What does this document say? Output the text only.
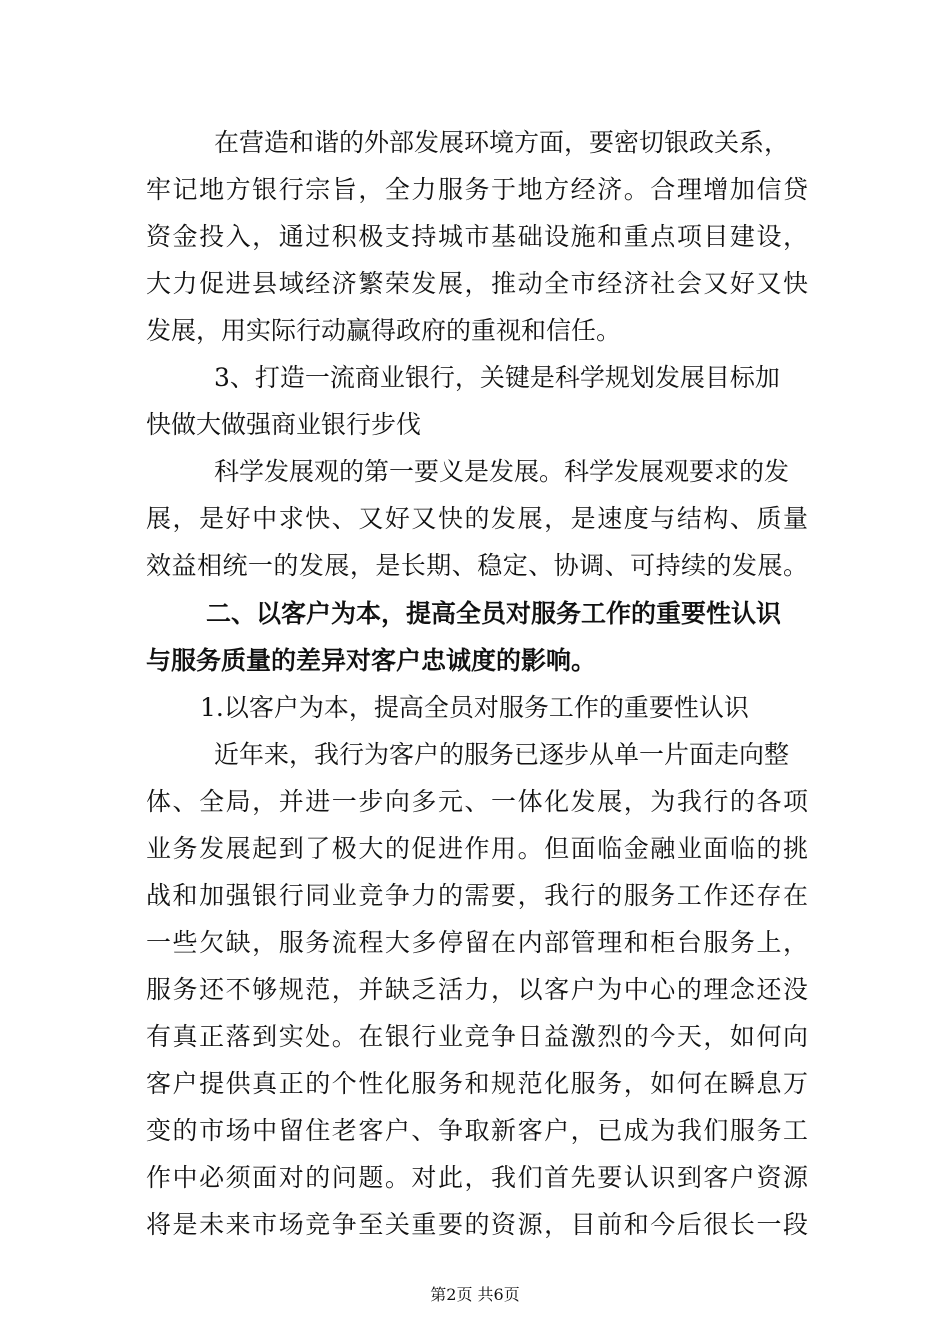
在营造和谐的外部发展环境方面，要密切银政关系，
牢记地方银行宗旨，全力服务于地方经济。合理增加信贷
资金投入，通过积极支持城市基础设施和重点项目建设，
大力促进县域经济繁荣发展，推动全市经济社会又好又快
发展，用实际行动赢得政府的重视和信任。
3、打造一流商业银行，关键是科学规划发展目标加
快做大做强商业银行步伐
科学发展观的第一要义是发展。科学发展观要求的发
展，是好中求快、又好又快的发展，是速度与结构、质量
效益相统一的发展，是长期、稳定、协调、可持续的发展。
二、以客户为本，提高全员对服务工作的重要性认识
与服务质量的差异对客户忠诚度的影响。
1.以客户为本，提高全员对服务工作的重要性认识
近年来，我行为客户的服务已逐步从单一片面走向整
体、全局，并进一步向多元、一体化发展，为我行的各项
业务发展起到了极大的促进作用。但面临金融业面临的挑
战和加强银行同业竞争力的需要，我行的服务工作还存在
一些欠缺，服务流程大多停留在内部管理和柜台服务上，
服务还不够规范，并缺乏活力，以客户为中心的理念还没
有真正落到实处。在银行业竞争日益激烈的今天，如何向
客户提供真正的个性化服务和规范化服务，如何在瞬息万
变的市场中留住老客户、争取新客户，已成为我们服务工
作中必须面对的问题。对此，我们首先要认识到客户资源
将是未来市场竞争至关重要的资源，目前和今后很长一段
第2页 共6页
